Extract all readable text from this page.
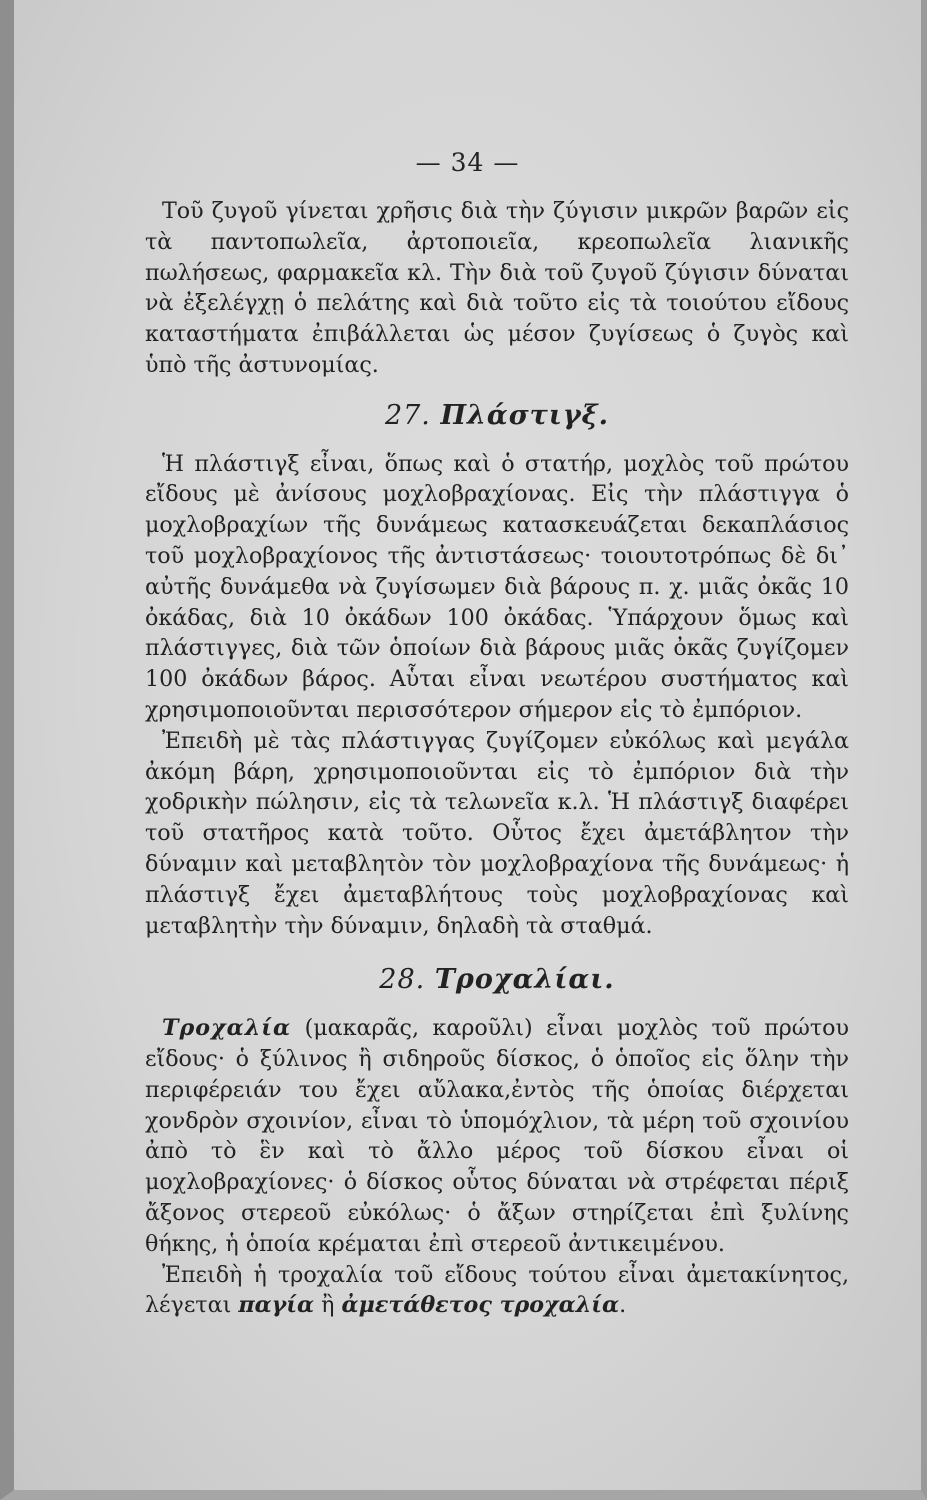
— 34 —

Τοῦ ζυγοῦ γίνεται χρῆσις διὰ τὴν ζύγισιν μικρῶν βαρῶν εἰς τὰ παντοπωλεῖα, ἀρτοποιεῖα, κρεοπωλεῖα λιανικῆς πωλήσεως, φαρμακεῖα κλ. Τὴν διὰ τοῦ ζυγοῦ ζύγισιν δύναται νὰ ἐξελέγχῃ ὁ πελάτης καὶ διὰ τοῦτο εἰς τὰ τοιούτου εἴδους καταστήματα ἐπιβάλλεται ὡς μέσον ζυγίσεως ὁ ζυγὸς καὶ ὑπὸ τῆς ἀστυνομίας.

27. Πλάστιγξ.

Ἡ πλάστιγξ εἶναι, ὅπως καὶ ὁ στατήρ, μοχλὸς τοῦ πρώτου εἴδους μὲ ἀνίσους μοχλοβραχίονας. Εἰς τὴν πλάστιγγα ὁ μοχλοβραχίων τῆς δυνάμεως κατασκευάζεται δεκαπλάσιος τοῦ μοχλοβραχίονος τῆς ἀντιστάσεως· τοιουτοτρόπως δὲ δι᾽ αὐτῆς δυνάμεθα νὰ ζυγίσωμεν διὰ βάρους π. χ. μιᾶς ὀκᾶς 10 ὀκάδας, διὰ 10 ὀκάδων 100 ὀκάδας. Ὑπάρχουν ὅμως καὶ πλάστιγγες, διὰ τῶν ὁποίων διὰ βάρους μιᾶς ὀκᾶς ζυγίζομεν 100 ὀκάδων βάρος. Αὗται εἶναι νεωτέρου συστήματος καὶ χρησιμοποιοῦνται περισσότερον σήμερον εἰς τὸ ἐμπόριον.

Ἐπειδὴ μὲ τὰς πλάστιγγας ζυγίζομεν εὐκόλως καὶ μεγάλα ἀκόμη βάρη, χρησιμοποιοῦνται εἰς τὸ ἐμπόριον διὰ τὴν χοδρικὴν πώλησιν, εἰς τὰ τελωνεῖα κ.λ. Ἡ πλάστιγξ διαφέρει τοῦ στατῆρος κατὰ τοῦτο. Οὗτος ἔχει ἀμετάβλητον τὴν δύναμιν καὶ μεταβλητὸν τὸν μοχλοβραχίονα τῆς δυνάμεως· ἡ πλάστιγξ ἔχει ἀμεταβλήτους τοὺς μοχλοβραχίονας καὶ μεταβλητὴν τὴν δύναμιν, δηλαδὴ τὰ σταθμά.

28. Τροχαλίαι.

Τροχαλία (μακαρᾶς, καροῦλι) εἶναι μοχλὸς τοῦ πρώτου εἴδους· ὁ ξύλινος ἢ σιδηροῦς δίσκος, ὁ ὁποῖος εἰς ὅλην τὴν περιφέρειάν του ἔχει αὔλακα,ἐντὸς τῆς ὁποίας διέρχεται χονδρὸν σχοινίον, εἶναι τὸ ὑπομόχλιον, τὰ μέρη τοῦ σχοινίου ἀπὸ τὸ ἓν καὶ τὸ ἄλλο μέρος τοῦ δίσκου εἶναι οἱ μοχλοβραχίονες· ὁ δίσκος οὗτος δύναται νὰ στρέφεται πέριξ ἄξονος στερεοῦ εὐκόλως· ὁ ἄξων στηρίζεται ἐπὶ ξυλίνης θήκης, ἡ ὁποία κρέμαται ἐπὶ στερεοῦ ἀντικειμένου.

Ἐπειδὴ ἡ τροχαλία τοῦ εἴδους τούτου εἶναι ἀμετακίνητος, λέγεται παγία ἢ ἀμετάθετος τροχαλία.
